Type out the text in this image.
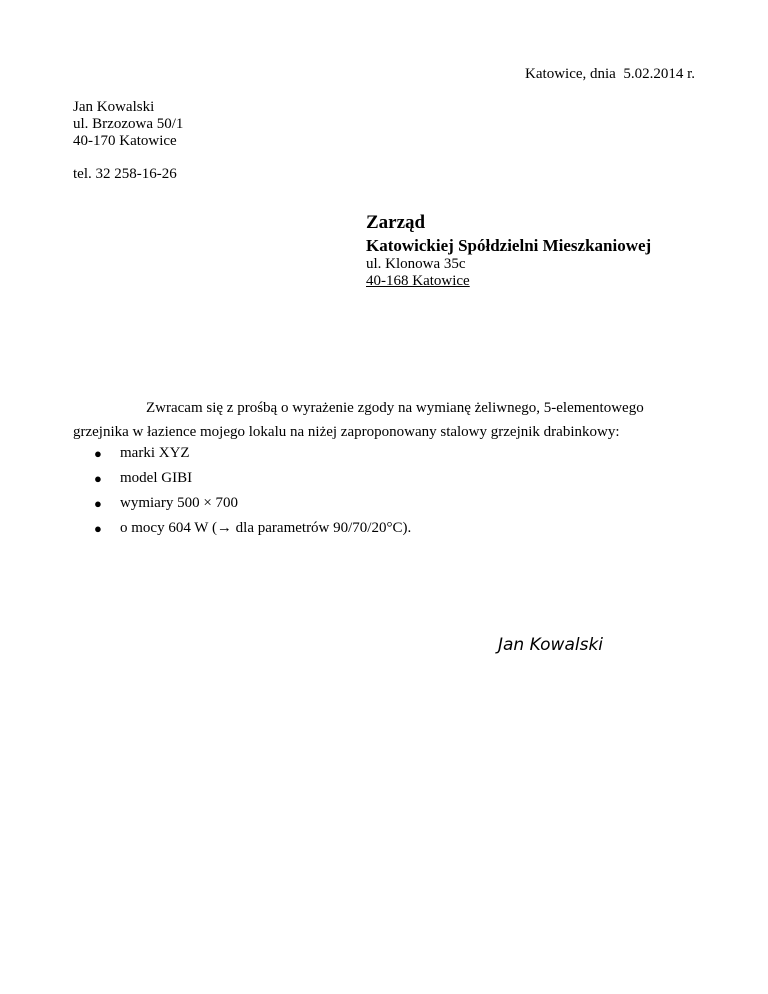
Katowice, dnia  5.02.2014 r.
Jan Kowalski
ul. Brzozowa 50/1
40-170 Katowice
tel. 32 258-16-26
Zarząd
Katowickiej Spółdzielni Mieszkaniowej
ul. Klonowa 35c
40-168 Katowice
Zwracam się z prośbą o wyrażenie zgody na wymianę żeliwnego, 5-elementowego
grzejnika w łazience mojego lokalu na niżej zaproponowany stalowy grzejnik drabinkowy:
● marki XYZ
● model GIBI
● wymiary 500 × 700
● o mocy 604 W (→ dla parametrów 90/70/20°C).
Jan Kowalski
